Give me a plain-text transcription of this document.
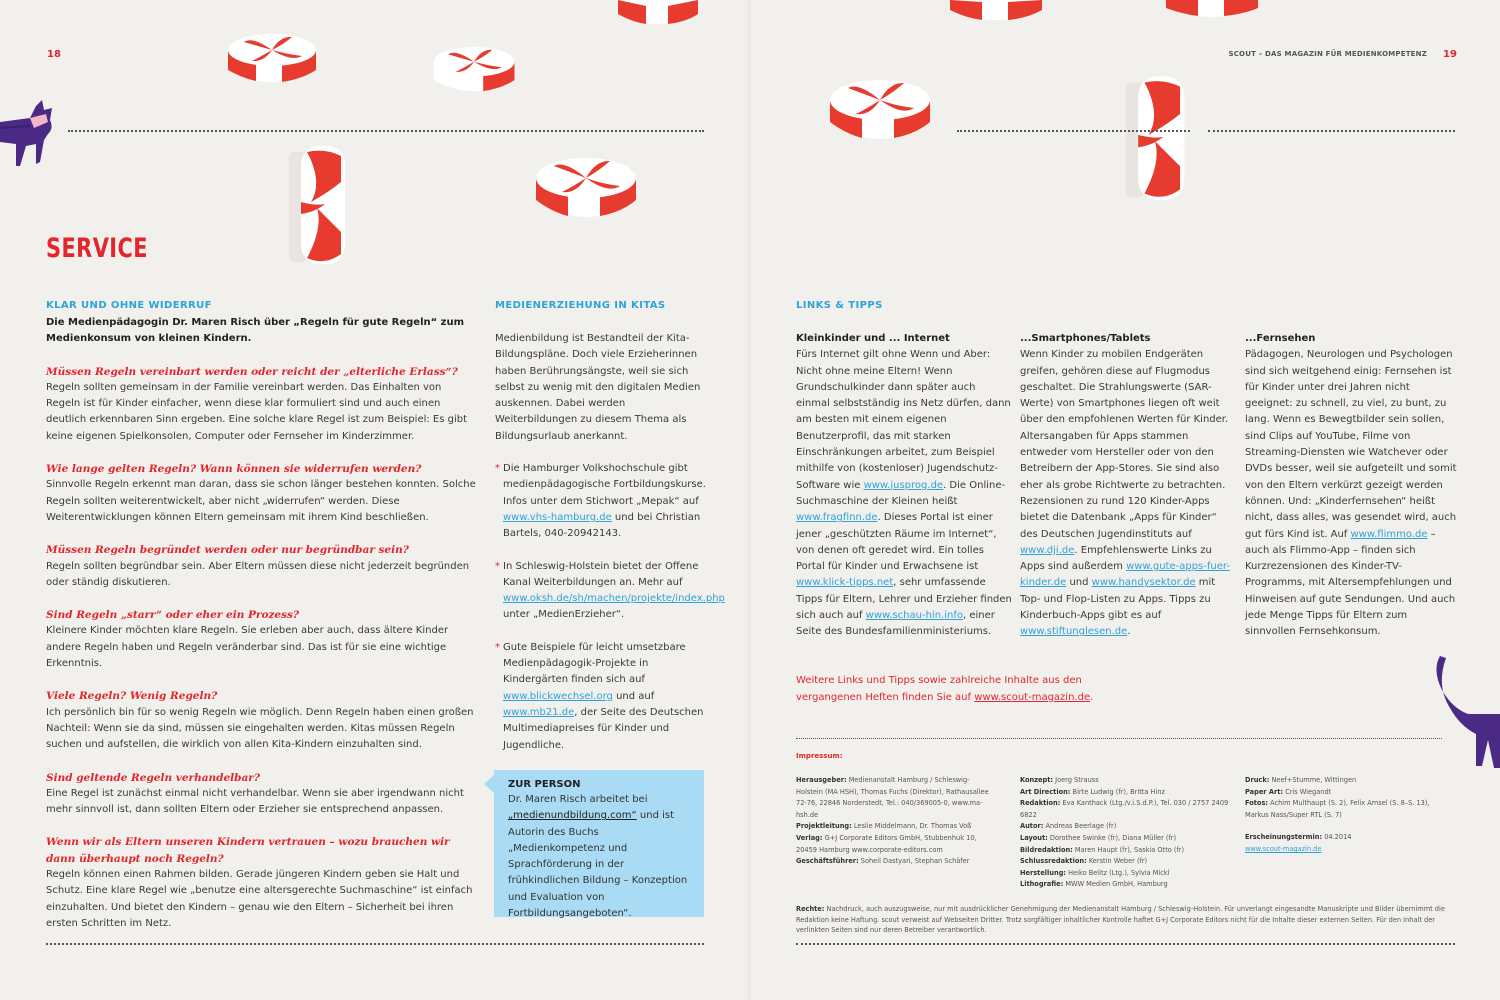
18	SCOUT – DAS MAGAZIN FÜR MEDIENKOMPETENZ 19
SERVICE
KLAR UND OHNE WIDERRUF
Die Medienpädagogin Dr. Maren Risch über „Regeln für gute Regeln“ zum Medienkonsum von kleinen Kindern.
Müssen Regeln vereinbart werden oder reicht der „elterliche Erlass“?
Regeln sollten gemeinsam in der Familie vereinbart werden. Das Einhalten von Regeln ist für Kinder einfacher, wenn diese klar formuliert sind und auch einen deutlich erkennbaren Sinn ergeben. Eine solche klare Regel ist zum Beispiel: Es gibt keine eigenen Spielkonsolen, Computer oder Fernseher im Kinderzimmer.
Wie lange gelten Regeln? Wann können sie widerrufen werden?
Sinnvolle Regeln erkennt man daran, dass sie schon länger bestehen konnten. Solche Regeln sollten weiterentwickelt, aber nicht „widerrufen“ werden. Diese Weiterentwicklungen können Eltern gemeinsam mit ihrem Kind beschließen.
Müssen Regeln begründet werden oder nur begründbar sein?
Regeln sollten begründbar sein. Aber Eltern müssen diese nicht jederzeit begründen oder ständig diskutieren.
Sind Regeln „starr“ oder eher ein Prozess?
Kleinere Kinder möchten klare Regeln. Sie erleben aber auch, dass ältere Kinder andere Regeln haben und Regeln veränderbar sind. Das ist für sie eine wichtige Erkenntnis.
Viele Regeln? Wenig Regeln?
Ich persönlich bin für so wenig Regeln wie möglich. Denn Regeln haben einen großen Nachteil: Wenn sie da sind, müssen sie eingehalten werden. Kitas müssen Regeln suchen und aufstellen, die wirklich von allen Kita-Kindern einzuhalten sind.
Sind geltende Regeln verhandelbar?
Eine Regel ist zunächst einmal nicht verhandelbar. Wenn sie aber irgendwann nicht mehr sinnvoll ist, dann sollten Eltern oder Erzieher sie entsprechend anpassen.
Wenn wir als Eltern unseren Kindern vertrauen – wozu brauchen wir dann überhaupt noch Regeln?
Regeln können einen Rahmen bilden. Gerade jüngeren Kindern geben sie Halt und Schutz. Eine klare Regel wie „benutze eine altersgerechte Suchmaschine“ ist einfach einzuhalten. Und bietet den Kindern – genau wie den Eltern – Sicherheit bei ihren ersten Schritten im Netz.
MEDIENERZIEHUNG IN KITAS
Medienbildung ist Bestandteil der Kita-Bildungspläne. Doch viele Erzieherinnen haben Berührungsängste, weil sie sich selbst zu wenig mit den digitalen Medien auskennen. Dabei werden Weiterbildungen zu diesem Thema als Bildungsurlaub anerkannt.
* Die Hamburger Volkshochschule gibt medienpädagogische Fortbildungskurse. Infos unter dem Stichwort „Mepak“ auf www.vhs-hamburg.de und bei Christian Bartels, 040-20942143.
* In Schleswig-Holstein bietet der Offene Kanal Weiterbildungen an. Mehr auf www.oksh.de/sh/machen/projekte/index.php unter „MedienErzieher“.
* Gute Beispiele für leicht umsetzbare Medienpädagogik-Projekte in Kindergärten finden sich auf www.blickwechsel.org und auf www.mb21.de, der Seite des Deutschen Multimediapreises für Kinder und Jugendliche.
ZUR PERSON
Dr. Maren Risch arbeitet bei „medienundbildung.com“ und ist Autorin des Buchs „Medienkompetenz und Sprachförderung in der frühkindlichen Bildung – Konzeption und Evaluation von Fortbildungsangeboten“.
LINKS & TIPPS
Kleinkinder und ... Internet
Fürs Internet gilt ohne Wenn und Aber: Nicht ohne meine Eltern! Wenn Grundschulkinder dann später auch einmal selbstständig ins Netz dürfen, dann am besten mit einem eigenen Benutzerprofil, das mit starken Einschränkungen arbeitet, zum Beispiel mithilfe von (kostenloser) Jugendschutz-Software wie www.jusprog.de. Die Online-Suchmaschine der Kleinen heißt www.fragfinn.de. Dieses Portal ist einer jener „geschützten Räume im Internet“, von denen oft geredet wird. Ein tolles Portal für Kinder und Erwachsene ist www.klick-tipps.net, sehr umfassende Tipps für Eltern, Lehrer und Erzieher finden sich auch auf www.schau-hin.info, einer Seite des Bundesfamilienministeriums.
...Smartphones/Tablets
Wenn Kinder zu mobilen Endgeräten greifen, gehören diese auf Flugmodus geschaltet. Die Strahlungswerte (SAR-Werte) von Smartphones liegen oft weit über den empfohlenen Werten für Kinder. Altersangaben für Apps stammen entweder vom Hersteller oder von den Betreibern der App-Stores. Sie sind also eher als grobe Richtwerte zu betrachten. Rezensionen zu rund 120 Kinder-Apps bietet die Datenbank „Apps für Kinder“ des Deutschen Jugendinstituts auf www.dji.de. Empfehlenswerte Links zu Apps sind außerdem www.gute-apps-fuer-kinder.de und www.handysektor.de mit Top- und Flop-Listen zu Apps. Tipps zu Kinderbuch-Apps gibt es auf www.stiftunglesen.de.
...Fernsehen
Pädagogen, Neurologen und Psychologen sind sich weitgehend einig: Fernsehen ist für Kinder unter drei Jahren nicht geeignet: zu schnell, zu viel, zu bunt, zu lang. Wenn es Bewegtbilder sein sollen, sind Clips auf YouTube, Filme von Streaming-Diensten wie Watchever oder DVDs besser, weil sie aufgeteilt und somit von den Eltern verkürzt gezeigt werden können. Und: „Kinderfernsehen“ heißt nicht, dass alles, was gesendet wird, auch gut fürs Kind ist. Auf www.flimmo.de – auch als Flimmo-App – finden sich Kurzrezensionen des Kinder-TV-Programms, mit Altersempfehlungen und Hinweisen auf gute Sendungen. Und auch jede Menge Tipps für Eltern zum sinnvollen Fernsehkonsum.
Weitere Links und Tipps sowie zahlreiche Inhalte aus den vergangenen Heften finden Sie auf www.scout-magazin.de.
Impressum:
Herausgeber: Medienanstalt Hamburg / Schleswig-Holstein (MA HSH), Thomas Fuchs (Direktor), Rathausallee 72-76, 22846 Norderstedt, Tel.: 040/369005-0, www.ma-hsh.de
Projektleitung: Leslie Middelmann, Dr. Thomas Voß
Verlag: G+J Corporate Editors GmbH, Stubbenhuk 10, 20459 Hamburg www.corporate-editors.com
Geschäftsführer: Soheil Dastyari, Stephan Schäfer
Konzept: Joerg Strauss
Art Direction: Birte Ludwig (fr), Britta Hinz
Redaktion: Eva Kanthack (Ltg./v.i.S.d.P.), Tel. 030 / 2757 2409 6822
Autor: Andreas Beerlage (fr)
Layout: Dorothee Swinke (fr), Diana Müller (fr)
Bildredaktion: Maren Haupt (fr), Saskia Otto (fr)
Schlussredaktion: Kerstin Weber (fr)
Herstellung: Heiko Belitz (Ltg.), Sylvia Mickl
Lithografie: MWW Medien GmbH, Hamburg
Druck: Neef+Stumme, Wittingen
Paper Art: Cris Wiegandt
Fotos: Achim Multhaupt (S. 2), Felix Amsel (S. 8–S. 13), Markus Nass/Super RTL (S. 7)
Erscheinungstermin: 04.2014
www.scout-magazin.de
Rechte: Nachdruck, auch auszugsweise, nur mit ausdrücklicher Genehmigung der Medienanstalt Hamburg / Schleswig-Holstein. Für unverlangt eingesandte Manuskripte und Bilder übernimmt die Redaktion keine Haftung. scout verweist auf Webseiten Dritter. Trotz sorgfältiger inhaltlicher Kontrolle haftet G+J Corporate Editors nicht für die Inhalte dieser externen Seiten. Für den Inhalt der verlinkten Seiten sind nur deren Betreiber verantwortlich.
